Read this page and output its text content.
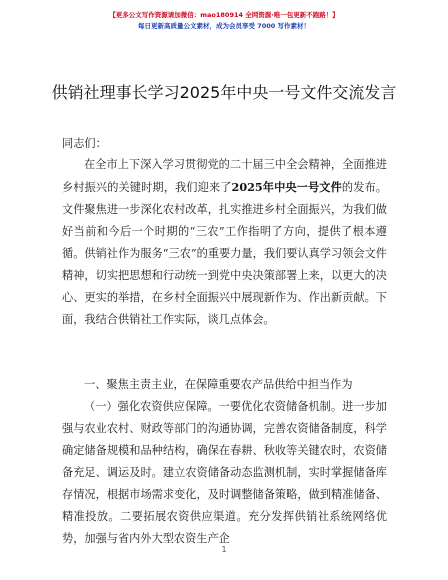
【更多公文写作资源请加微信：mao180914 全网资源·唯一包更新不跑路！】
每日更新高质量公文素材，成为会员享受 7000 写作素材！
供销社理事长学习2025年中央一号文件交流发言
同志们：
在全市上下深入学习贯彻党的二十届三中全会精神，全面推进乡村振兴的关键时期，我们迎来了2025年中央一号文件的发布。文件聚焦进一步深化农村改革，扎实推进乡村全面振兴，为我们做好当前和今后一个时期的“三农”工作指明了方向，提供了根本遵循。供销社作为服务“三农”的重要力量，我们要认真学习领会文件精神，切实把思想和行动统一到党中央决策部署上来，以更大的决心、更实的举措，在乡村全面振兴中展现新作为、作出新贡献。下面，我结合供销社工作实际，谈几点体会。
一、聚焦主责主业，在保障重要农产品供给中担当作为
（一）强化农资供应保障。一要优化农资储备机制。进一步加强与农业农村、财政等部门的沟通协调，完善农资储备制度，科学确定储备规模和品种结构，确保在春耕、秋收等关键农时，农资储备充足、调运及时。建立农资储备动态监测机制，实时掌握储备库存情况，根据市场需求变化，及时调整储备策略，做到精准储备、精准投放。二要拓展农资供应渠道。充分发挥供销社系统网络优势，加强与省内外大型农资生产企
1
